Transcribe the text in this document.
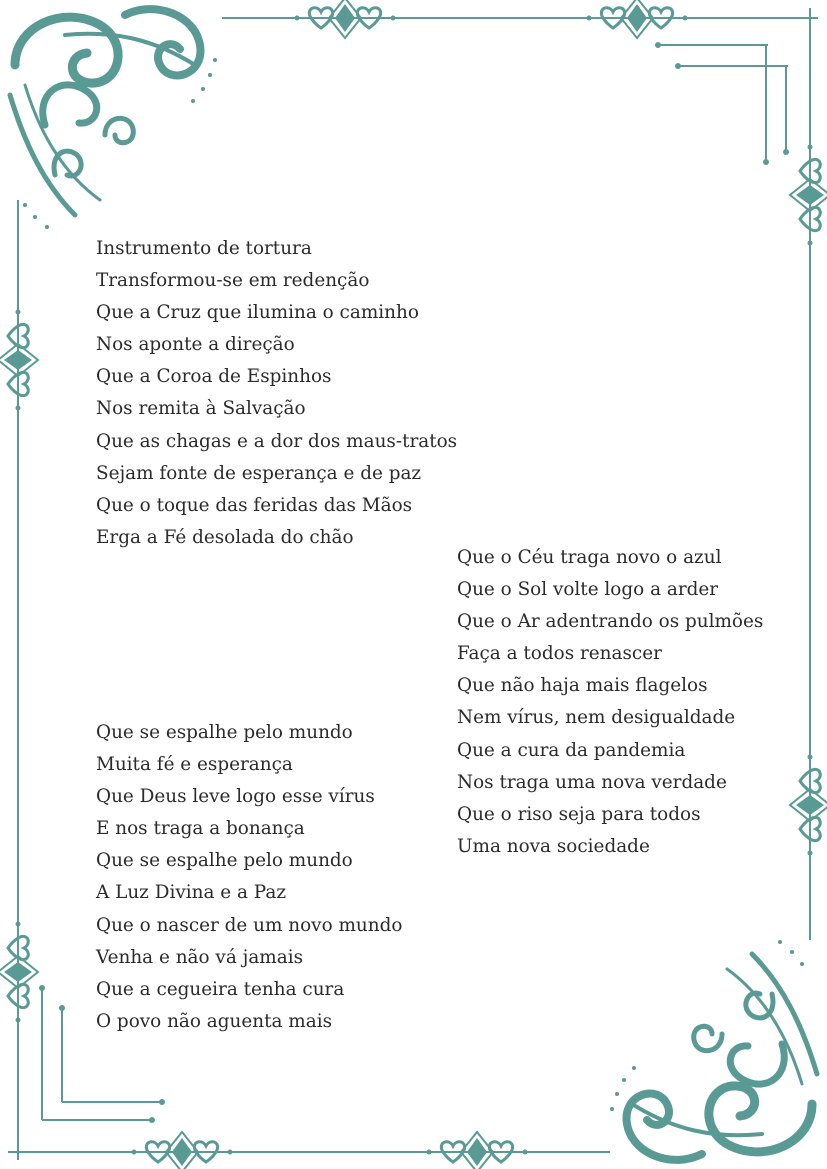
Instrumento de tortura
Transformou-se em redenção
Que a Cruz que ilumina o caminho
Nos aponte a direção
Que a Coroa de Espinhos
Nos remita à Salvação
Que as chagas e a dor dos maus-tratos
Sejam fonte de esperança e de paz
Que o toque das feridas das Mãos
Erga a Fé desolada do chão
Que o Céu traga novo o azul
Que o Sol volte logo a arder
Que o Ar adentrando os pulmões
Faça a todos renascer
Que não haja mais flagelos
Nem vírus, nem desigualdade
Que a cura da pandemia
Nos traga uma nova verdade
Que o riso seja para todos
Uma nova sociedade
Que se espalhe pelo mundo
Muita fé e esperança
Que Deus leve logo esse vírus
E nos traga a bonança
Que se espalhe pelo mundo
A Luz Divina e a Paz
Que o nascer de um novo mundo
Venha e não vá jamais
Que a cegueira tenha cura
O povo não aguenta mais
